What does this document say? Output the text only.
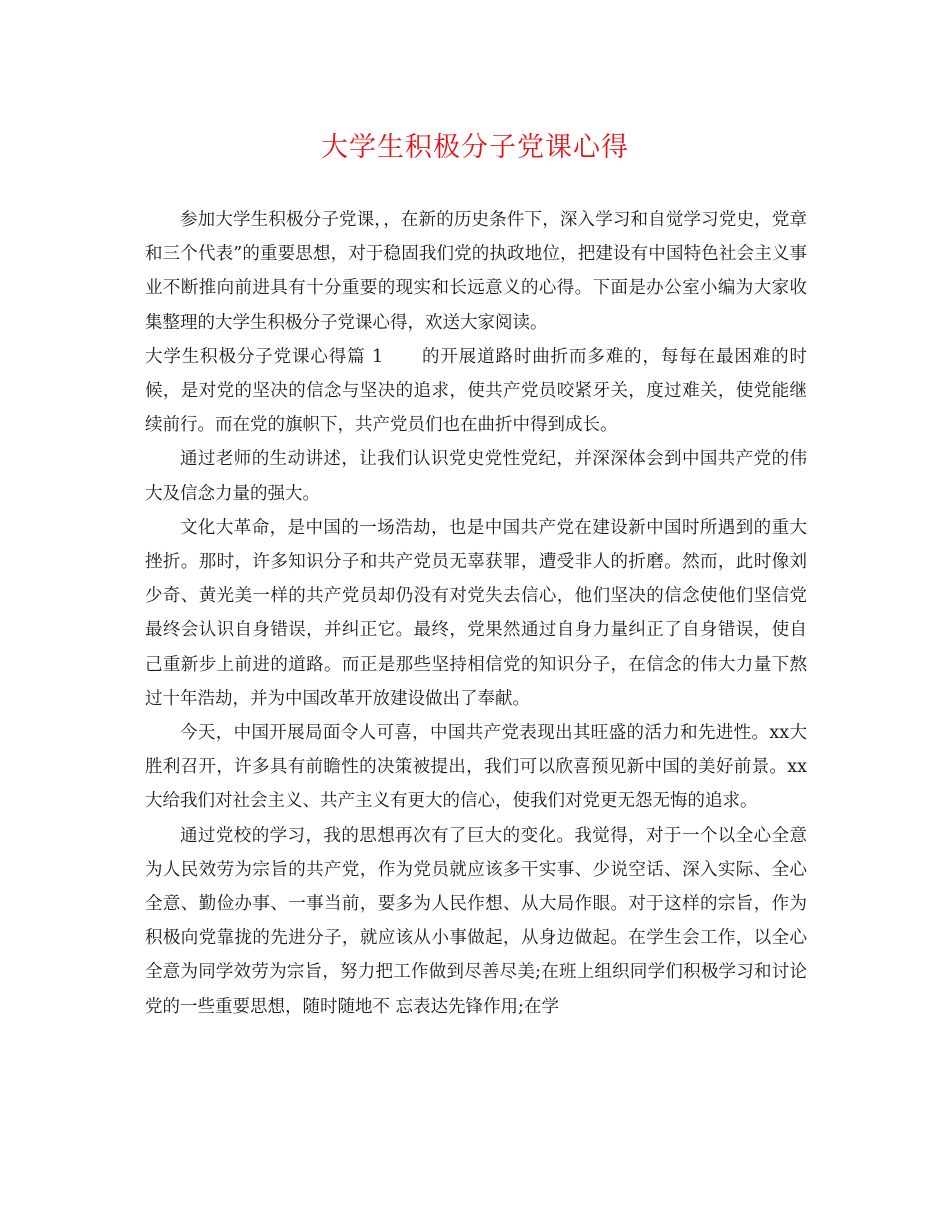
大学生积极分子党课心得

参加大学生积极分子党课，，在新的历史条件下，深入学习和自觉学习党史，党章和三个代表”的重要思想，对于稳固我们党的执政地位，把建设有中国特色社会主义事业不断推向前进具有十分重要的现实和长远意义的心得。下面是办公室小编为大家收集整理的大学生积极分子党课心得，欢送大家阅读。

大学生积极分子党课心得篇 1 的开展道路时曲折而多难的，每每在最困难的时候，是对党的坚决的信念与坚决的追求，使共产党员咬紧牙关，度过难关，使党能继续前行。而在党的旗帜下，共产党员们也在曲折中得到成长。

通过老师的生动讲述，让我们认识党史党性党纪，并深深体会到中国共产党的伟大及信念力量的强大。

文化大革命，是中国的一场浩劫，也是中国共产党在建设新中国时所遇到的重大挫折。那时，许多知识分子和共产党员无辜获罪，遭受非人的折磨。然而，此时像刘少奇、黄光美一样的共产党员却仍没有对党失去信心，他们坚决的信念使他们坚信党最终会认识自身错误，并纠正它。最终，党果然通过自身力量纠正了自身错误，使自己重新步上前进的道路。而正是那些坚持相信党的知识分子，在信念的伟大力量下熬过十年浩劫，并为中国改革开放建设做出了奉献。

今天，中国开展局面令人可喜，中国共产党表现出其旺盛的活力和先进性。xx大胜利召开，许多具有前瞻性的决策被提出，我们可以欣喜预见新中国的美好前景。xx大给我们对社会主义、共产主义有更大的信心，使我们对党更无怨无悔的追求。

通过党校的学习，我的思想再次有了巨大的变化。我觉得，对于一个以全心全意为人民效劳为宗旨的共产党，作为党员就应该多干实事、少说空话、深入实际、全心全意、勤俭办事、一事当前，要多为人民作想、从大局作眼。对于这样的宗旨，作为积极向党靠拢的先进分子，就应该从小事做起，从身边做起。在学生会工作，以全心全意为同学效劳为宗旨，努力把工作做到尽善尽美;在班上组织同学们积极学习和讨论党的一些重要思想，随时随地不 忘表达先锋作用;在学
